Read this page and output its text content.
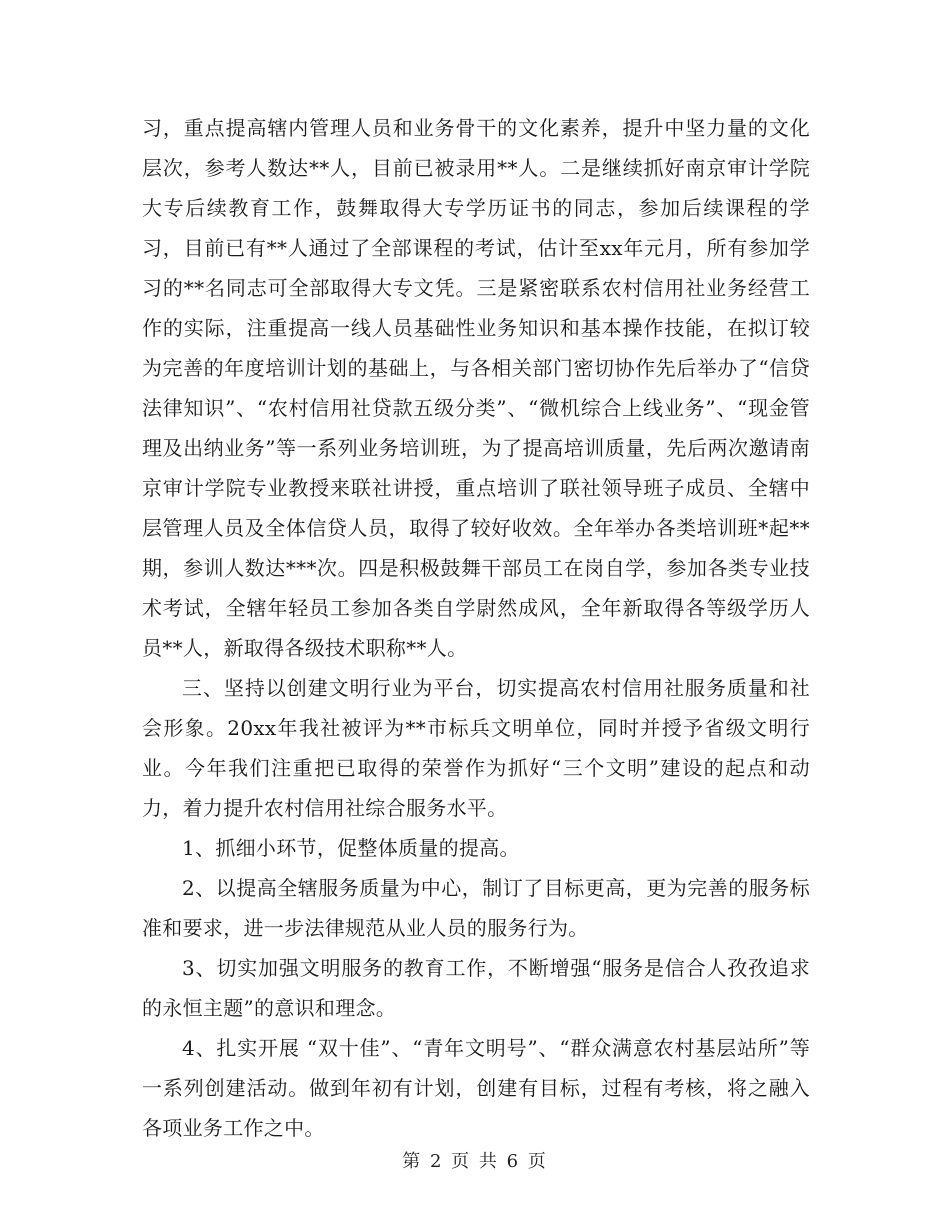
习，重点提高辖内管理人员和业务骨干的文化素养，提升中坚力量的文化层次，参考人数达**人，目前已被录用**人。二是继续抓好南京审计学院大专后续教育工作，鼓舞取得大专学历证书的同志，参加后续课程的学习，目前已有**人通过了全部课程的考试，估计至xx年元月，所有参加学习的**名同志可全部取得大专文凭。三是紧密联系农村信用社业务经营工作的实际，注重提高一线人员基础性业务知识和基本操作技能，在拟订较为完善的年度培训计划的基础上，与各相关部门密切协作先后举办了“信贷法律知识”、“农村信用社贷款五级分类”、“微机综合上线业务”、“现金管理及出纳业务”等一系列业务培训班，为了提高培训质量，先后两次邀请南京审计学院专业教授来联社讲授，重点培训了联社领导班子成员、全辖中层管理人员及全体信贷人员，取得了较好收效。全年举办各类培训班*起**期，参训人数达***次。四是积极鼓舞干部员工在岗自学，参加各类专业技术考试，全辖年轻员工参加各类自学尉然成风，全年新取得各等级学历人员**人，新取得各级技术职称**人。

三、坚持以创建文明行业为平台，切实提高农村信用社服务质量和社会形象。20xx年我社被评为**市标兵文明单位，同时并授予省级文明行业。今年我们注重把已取得的荣誉作为抓好“三个文明”建设的起点和动力，着力提升农村信用社综合服务水平。

1、抓细小环节，促整体质量的提高。

2、以提高全辖服务质量为中心，制订了目标更高，更为完善的服务标准和要求，进一步法律规范从业人员的服务行为。

3、切实加强文明服务的教育工作，不断增强“服务是信合人孜孜追求的永恒主题”的意识和理念。

4、扎实开展 “双十佳”、“青年文明号”、“群众满意农村基层站所”等一系列创建活动。做到年初有计划，创建有目标，过程有考核，将之融入各项业务工作之中。

第 2 页 共 6 页
